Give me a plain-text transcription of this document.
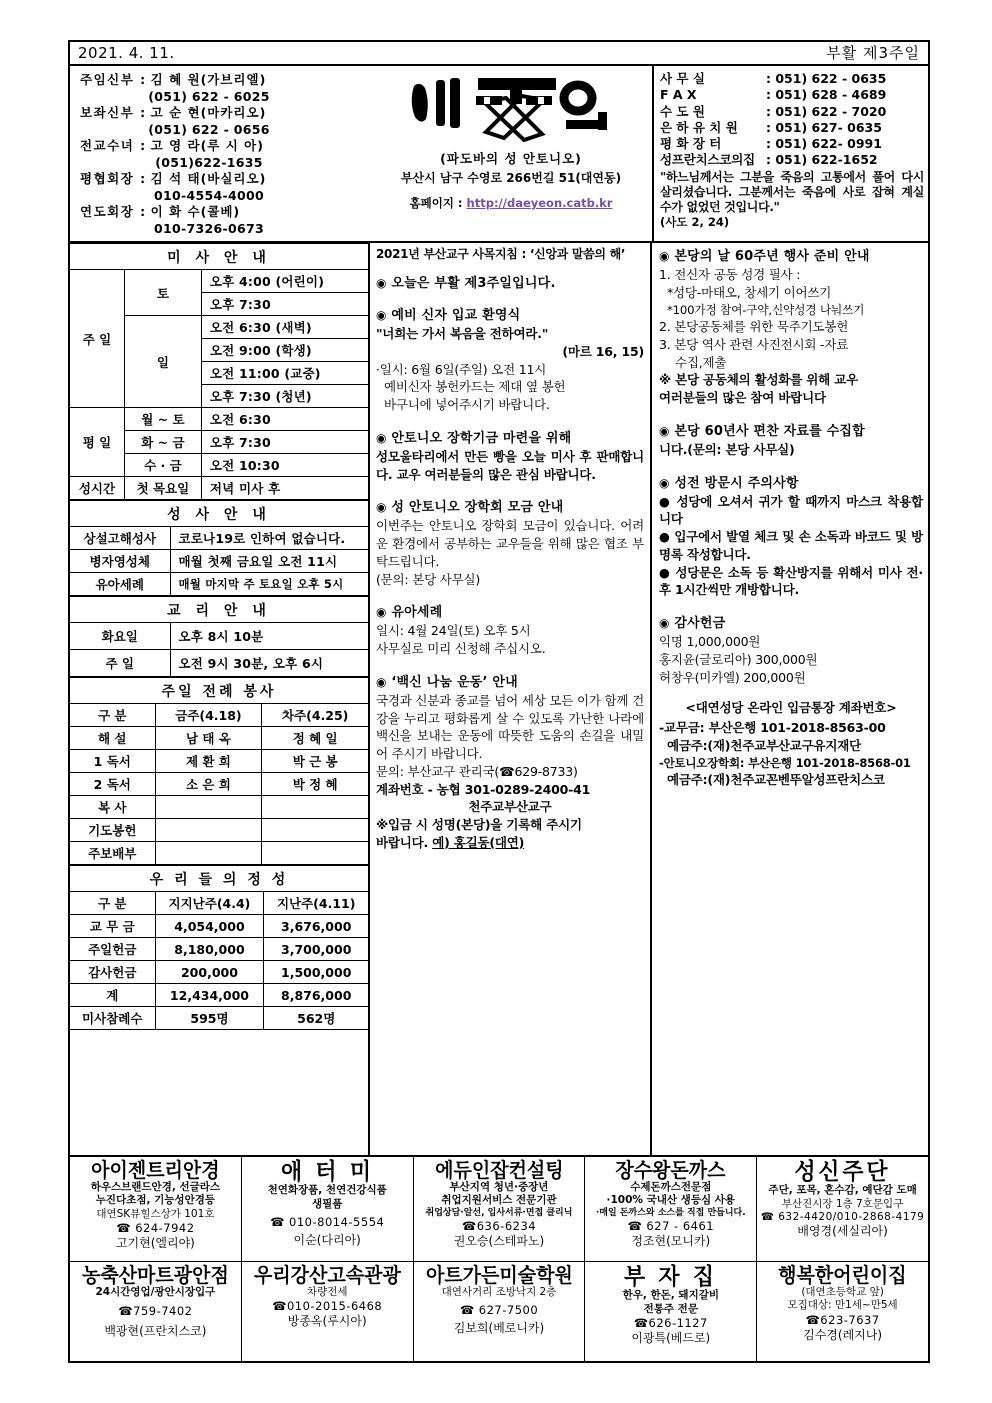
2021. 4. 11.	부활 제3주일
주임신부 : 김 혜 원(가브리엘)
(051) 622 - 6025
보좌신부 : 고 순 현(마카리오)
(051) 622 - 0656
전교수녀 : 고 영 라(루 시 아)
(051)622-1635
평협회장 : 김 석 태(바실리오)
010-4554-4000
연도회장 : 이 화 수(콜베)
010-7326-0673
(파도바의 성 안토니오)
부산시 남구 수영로 266번길 51(대연동)
홈페이지 : http://daeyeon.catb.kr
사 무 실	: 051) 622 - 0635
F A X	: 051) 628 - 4689
수 도 원	: 051) 622 - 7020
은 하 유 치 원	: 051) 627- 0635
평 화 장 터	: 051) 622- 0991
성프란치스코의집 : 051) 622-1652
"하느님께서는 그분을 죽음의 고통에서 풀어 다시 살리셨습니다. 그분께서는 죽음에 사로 잡혀 계실 수가 없었던 것입니다."
(사도 2, 24)
미 사 안 내		
주 일	토	오후 4:00 (어린이)
		오후 7:30
	일	오전 6:30 (새벽)
		오전 9:00 (학생)
		오전 11:00 (교중)
		오후 7:30 (청년)
평 일	월 ~ 토	오전 6:30
	화 ~ 금	오후 7:30
	수 · 금	오전 10:30
성시간	첫 목요일	저녁 미사 후
성 사 안 내	
상설고해성사	코로나19로 인하여 없습니다.
병자영성체	매월 첫째 금요일 오전 11시
유아세례	매월 마지막 주 토요일 오후 5시
교 리 안 내	
화요일	오후 8시 10분
주 일	오전 9시 30분, 오후 6시
주일 전례 봉사		
구 분	금주(4.18)	차주(4.25)
해 설	남 태 옥	정 혜 일
1 독서	제 환 희	박 근 봉
2 독서	소 은 희	박 정 혜
복 사		
기도봉헌		
주보배부		
우 리 들 의 정 성		
구 분	지지난주(4.4)	지난주(4.11)
교 무 금	4,054,000	3,676,000
주일헌금	8,180,000	3,700,000
감사헌금	200,000	1,500,000
계	12,434,000	8,876,000
미사참례수	595명	562명
2021년 부산교구 사목지침 : ‘신앙과 말씀의 해’
◉ 오늘은 부활 제3주일입니다.
◉ 예비 신자 입교 환영식

"너희는 가서 복음을 전하여라."

(마르 16, 15)

·일시: 6월 6일(주일) 오전 11시

예비신자 봉헌카드는 제대 옆 봉헌

바구니에 넣어주시기 바랍니다.

◉ 안토니오 장학기금 마련을 위해

성모울타리에서 만든 빵을 오늘 미사 후 판매합니다. 교우 여러분들의 많은 관심 바랍니다.

◉ 성 안토니오 장학회 모금 안내

이번주는 안토니오 장학회 모금이 있습니다. 어려운 환경에서 공부하는 교우들을 위해 많은 협조 부탁드립니다.

(문의: 본당 사무실)

◉ 유아세례

일시: 4월 24일(토) 오후 5시

사무실로 미리 신청해 주십시오.

◉ ‘백신 나눔 운동’ 안내

국경과 신분과 종교를 넘어 세상 모든 이가 함께 건강을 누리고 평화롭게 살 수 있도록 가난한 나라에 백신을 보내는 운동에 따뜻한 도움의 손길을 내밀어 주시기 바랍니다.

문의: 부산교구 관리국(☎629-8733)

계좌번호 - 농협 301-0289-2400-41

천주교부산교구

※입금 시 성명(본당)을 기록해 주시기

바랍니다. 예) 홍길동(대연)

◉ 본당의 날 60주년 행사 준비 안내

1. 전신자 공동 성경 필사 :

*성당-마태오, 창세기 이어쓰기

*100가정 참여-구약,신약성경 나눠쓰기

2. 본당공동체를 위한 묵주기도봉헌

3. 본당 역사 관련 사진전시회 -자료

수집,제출

※ 본당 공동체의 활성화를 위해 교우

여러분들의 많은 참여 바랍니다

◉ 본당 60년사 편찬 자료를 수집합

니다.(문의: 본당 사무실)

◉ 성전 방문시 주의사항

● 성당에 오셔서 귀가 할 때까지 마스크 착용합니다

● 입구에서 발열 체크 및 손 소독과 바코드 및 방명록 작성합니다.

● 성당문은 소독 등 확산방지를 위해서 미사 전·후 1시간씩만 개방합니다.

◉ 감사헌금

익명 1,000,000원

홍지윤(글로리아) 300,000원

허창우(미카엘) 200,000원

<대연성당 온라인 입금통장 계좌번호>

-교무금: 부산은행 101-2018-8563-00

예금주:(재)천주교부산교구유지재단

-안토니오장학회: 부산은행 101-2018-8568-01

예금주:(재)천주교꼰벤뚜알성프란치스코

아이젠트리안경
하우스브랜드안경, 선글라스
누진다초점, 기능성안경등
대연SK뷰힐스상가 101호
☎ 624-7942
고기현(엘리야)
애 터 미
천연화장품, 천연건강식품
생필품
☎ 010-8014-5554
이순(다리아)
에듀인잡컨설팅
부산지역 청년·중장년
취업지원서비스 전문기관
취업상담·알선, 입사서류·면접 클리닉
☎636-6234
권오승(스테파노)
장수왕돈까스
수제돈까스전문점
·100% 국내산 생등심 사용
·매일 돈까스와 소스를 직접 만듭니다.
☎ 627 - 6461
정조현(모니카)
성신주단
주단, 포목, 혼수감, 예단감 도매
부산진시장 1층 7호문입구
☎ 632-4420/010-2868-4179
배영경(세실리아)
농축산마트광안점
24시간영업/광안시장입구
☎759-7402
백광현(프란치스코)
우리강산고속관광
차량전세
☎010-2015-6468
방종옥(루시아)
아트가든미술학원
대연사거리 조방낙지 2층
☎ 627-7500
김보희(베로니카)
부 자 집
한우, 한돈, 돼지갈비
전통주 전문
☎626-1127
이광특(베드로)
행복한어린이집
(대연초등학교 앞)
모집대상: 만1세~만5세
☎623-7637
김수경(레지나)
